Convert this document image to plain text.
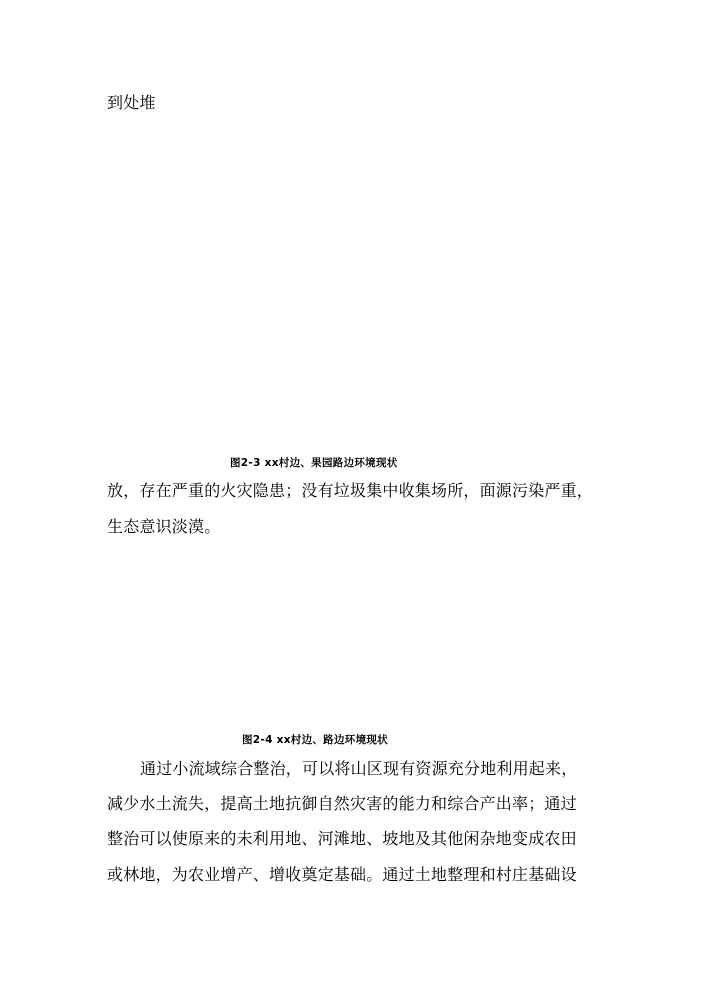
到处堆
图2-3 xx村边、果园路边环境现状
放，存在严重的火灾隐患；没有垃圾集中收集场所，面源污染严重，
生态意识淡漠。
图2-4 xx村边、路边环境现状
通过小流域综合整治，可以将山区现有资源充分地利用起来，
减少水土流失，提高土地抗御自然灾害的能力和综合产出率；通过
整治可以使原来的未利用地、河滩地、坡地及其他闲杂地变成农田
或林地，为农业增产、增收奠定基础。通过土地整理和村庄基础设
